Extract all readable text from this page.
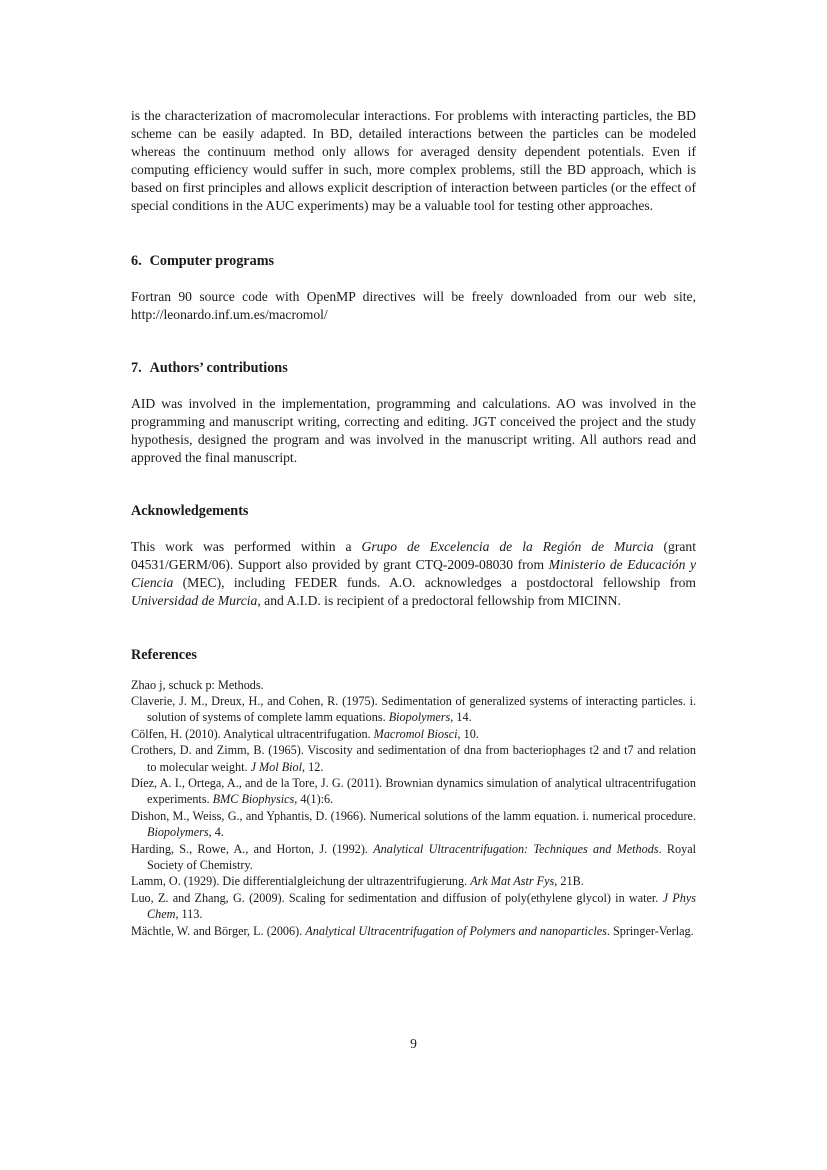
is the characterization of macromolecular interactions. For problems with interacting particles, the BD scheme can be easily adapted. In BD, detailed interactions between the particles can be modeled whereas the continuum method only allows for averaged density dependent potentials. Even if computing efficiency would suffer in such, more complex problems, still the BD approach, which is based on first principles and allows explicit description of interaction between particles (or the effect of special conditions in the AUC experiments) may be a valuable tool for testing other approaches.

6. Computer programs

Fortran 90 source code with OpenMP directives will be freely downloaded from our web site, http://leonardo.inf.um.es/macromol/

7. Authors’ contributions

AID was involved in the implementation, programming and calculations. AO was involved in the programming and manuscript writing, correcting and editing. JGT conceived the project and the study hypothesis, designed the program and was involved in the manuscript writing. All authors read and approved the final manuscript.

Acknowledgements

This work was performed within a Grupo de Excelencia de la Región de Murcia (grant 04531/GERM/06). Support also provided by grant CTQ-2009-08030 from Ministerio de Educación y Ciencia (MEC), including FEDER funds. A.O. acknowledges a postdoctoral fellowship from Universidad de Murcia, and A.I.D. is recipient of a predoctoral fellowship from MICINN.

References
Zhao j, schuck p: Methods.
Claverie, J. M., Dreux, H., and Cohen, R. (1975). Sedimentation of generalized systems of interacting particles. i. solution of systems of complete lamm equations. Biopolymers, 14.
Cölfen, H. (2010). Analytical ultracentrifugation. Macromol Biosci, 10.
Crothers, D. and Zimm, B. (1965). Viscosity and sedimentation of dna from bacteriophages t2 and t7 and relation to molecular weight. J Mol Biol, 12.
Díez, A. I., Ortega, A., and de la Tore, J. G. (2011). Brownian dynamics simulation of analytical ultracentrifugation experiments. BMC Biophysics, 4(1):6.
Dishon, M., Weiss, G., and Yphantis, D. (1966). Numerical solutions of the lamm equation. i. numerical procedure. Biopolymers, 4.
Harding, S., Rowe, A., and Horton, J. (1992). Analytical Ultracentrifugation: Techniques and Methods. Royal Society of Chemistry.
Lamm, O. (1929). Die differentialgleichung der ultrazentrifugierung. Ark Mat Astr Fys, 21B.
Luo, Z. and Zhang, G. (2009). Scaling for sedimentation and diffusion of poly(ethylene glycol) in water. J Phys Chem, 113.
Mächtle, W. and Börger, L. (2006). Analytical Ultracentrifugation of Polymers and nanoparticles. Springer-Verlag.
9
